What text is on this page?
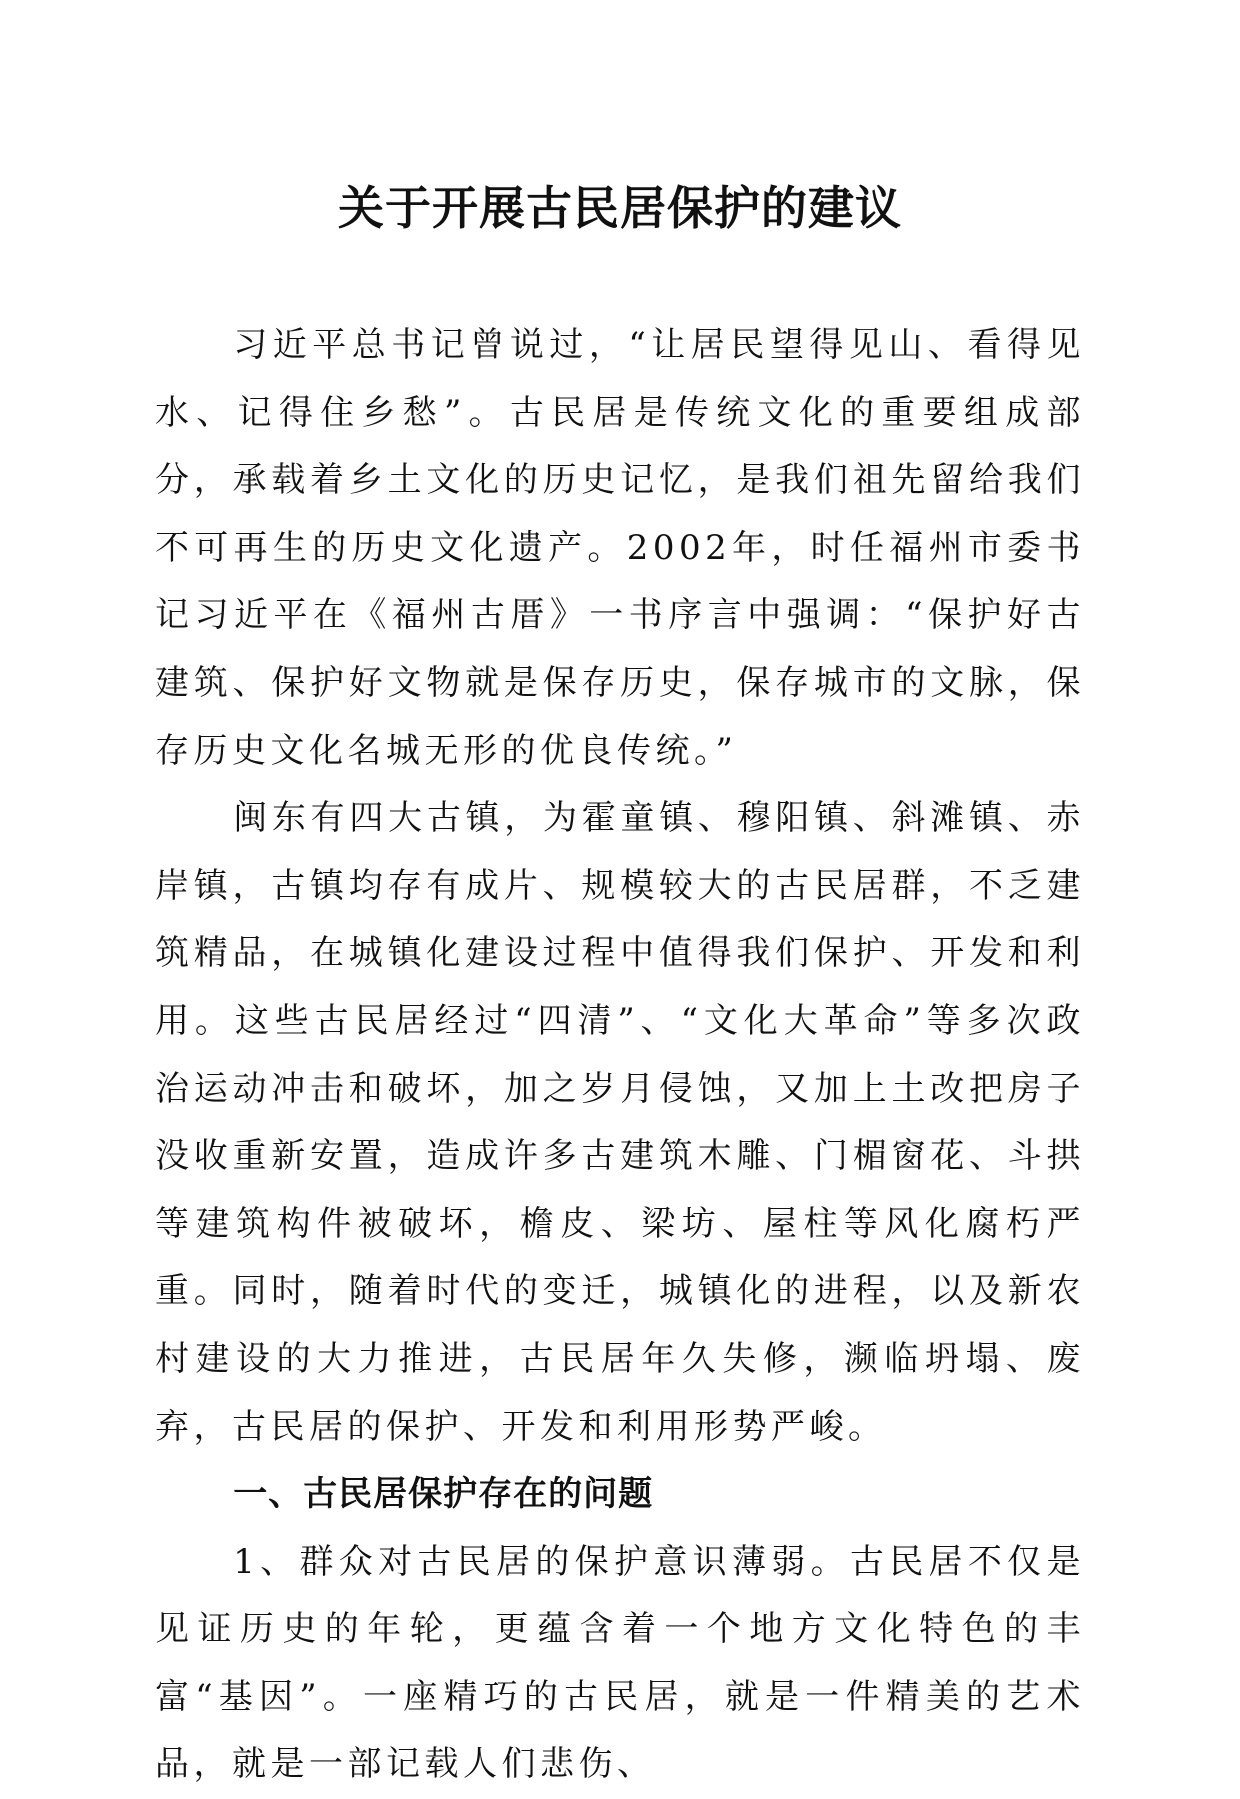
关于开展古民居保护的建议

习近平总书记曾说过，“让居民望得见山、看得见水、记得住乡愁”。古民居是传统文化的重要组成部分，承载着乡土文化的历史记忆，是我们祖先留给我们不可再生的历史文化遗产。2002年，时任福州市委书记习近平在《福州古厝》一书序言中强调：“保护好古建筑、保护好文物就是保存历史，保存城市的文脉，保存历史文化名城无形的优良传统。”

闽东有四大古镇，为霍童镇、穆阳镇、斜滩镇、赤岸镇，古镇均存有成片、规模较大的古民居群，不乏建筑精品，在城镇化建设过程中值得我们保护、开发和利用。这些古民居经过“四清”、“文化大革命”等多次政治运动冲击和破坏，加之岁月侵蚀，又加上土改把房子没收重新安置，造成许多古建筑木雕、门楣窗花、斗拱等建筑构件被破坏，檐皮、梁坊、屋柱等风化腐朽严重。同时，随着时代的变迁，城镇化的进程，以及新农村建设的大力推进，古民居年久失修，濒临坍塌、废弃，古民居的保护、开发和利用形势严峻。

一、古民居保护存在的问题

1、群众对古民居的保护意识薄弱。古民居不仅是见证历史的年轮，更蕴含着一个地方文化特色的丰富“基因”。一座精巧的古民居，就是一件精美的艺术品，就是一部记载人们悲伤、
